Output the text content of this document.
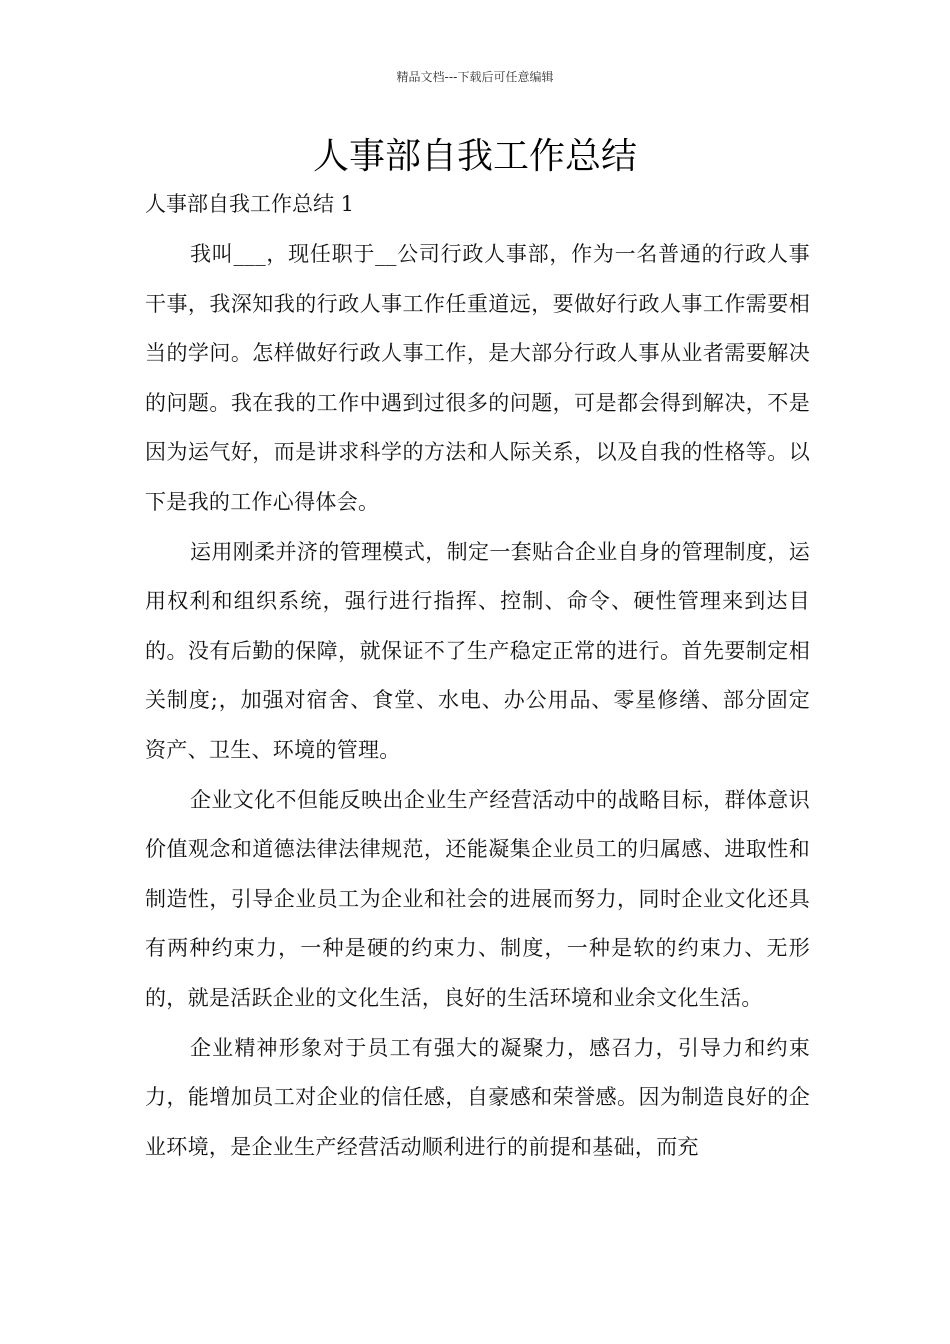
精品文档---下载后可任意编辑
人事部自我工作总结
人事部自我工作总结 1

我叫___，现任职于__公司行政人事部，作为一名普通的行政人事干事，我深知我的行政人事工作任重道远，要做好行政人事工作需要相当的学问。怎样做好行政人事工作，是大部分行政人事从业者需要解决的问题。我在我的工作中遇到过很多的问题，可是都会得到解决，不是因为运气好，而是讲求科学的方法和人际关系，以及自我的性格等。以下是我的工作心得体会。

运用刚柔并济的管理模式，制定一套贴合企业自身的管理制度，运用权利和组织系统，强行进行指挥、控制、命令、硬性管理来到达目的。没有后勤的保障，就保证不了生产稳定正常的进行。首先要制定相关制度;，加强对宿舍、食堂、水电、办公用品、零星修缮、部分固定资产、卫生、环境的管理。

企业文化不但能反映出企业生产经营活动中的战略目标，群体意识价值观念和道德法律法律规范，还能凝集企业员工的归属感、进取性和制造性，引导企业员工为企业和社会的进展而努力，同时企业文化还具有两种约束力，一种是硬的约束力、制度，一种是软的约束力、无形的，就是活跃企业的文化生活，良好的生活环境和业余文化生活。

企业精神形象对于员工有强大的凝聚力，感召力，引导力和约束力，能增加员工对企业的信任感，自豪感和荣誉感。因为制造良好的企业环境，是企业生产经营活动顺利进行的前提和基础，而充
